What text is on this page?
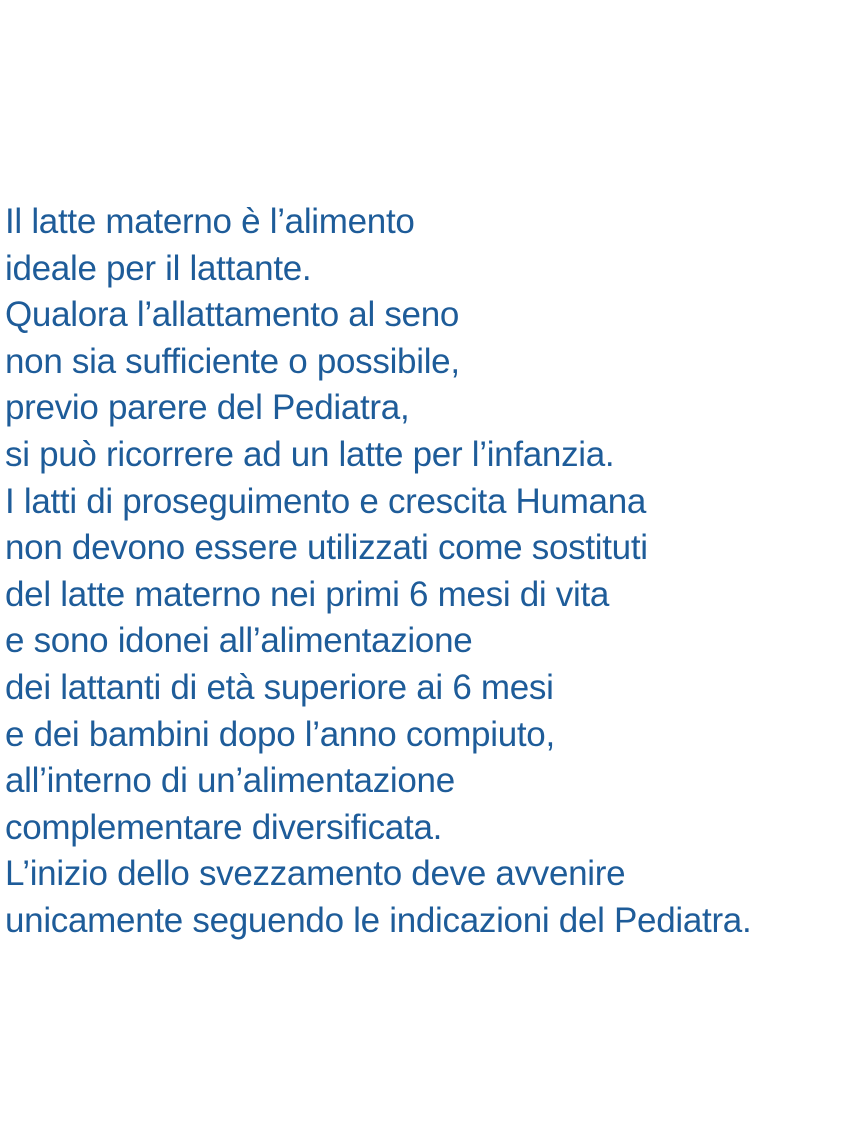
Il latte materno è l’alimento
ideale per il lattante.
Qualora l’allattamento al seno
non sia sufficiente o possibile,
previo parere del Pediatra,
si può ricorrere ad un latte per l’infanzia.
I latti di proseguimento e crescita Humana
non devono essere utilizzati come sostituti
del latte materno nei primi 6 mesi di vita
e sono idonei all’alimentazione
dei lattanti di età superiore ai 6 mesi
e dei bambini dopo l’anno compiuto,
all’interno di un’alimentazione
complementare diversificata.
L’inizio dello svezzamento deve avvenire
unicamente seguendo le indicazioni del Pediatra.
